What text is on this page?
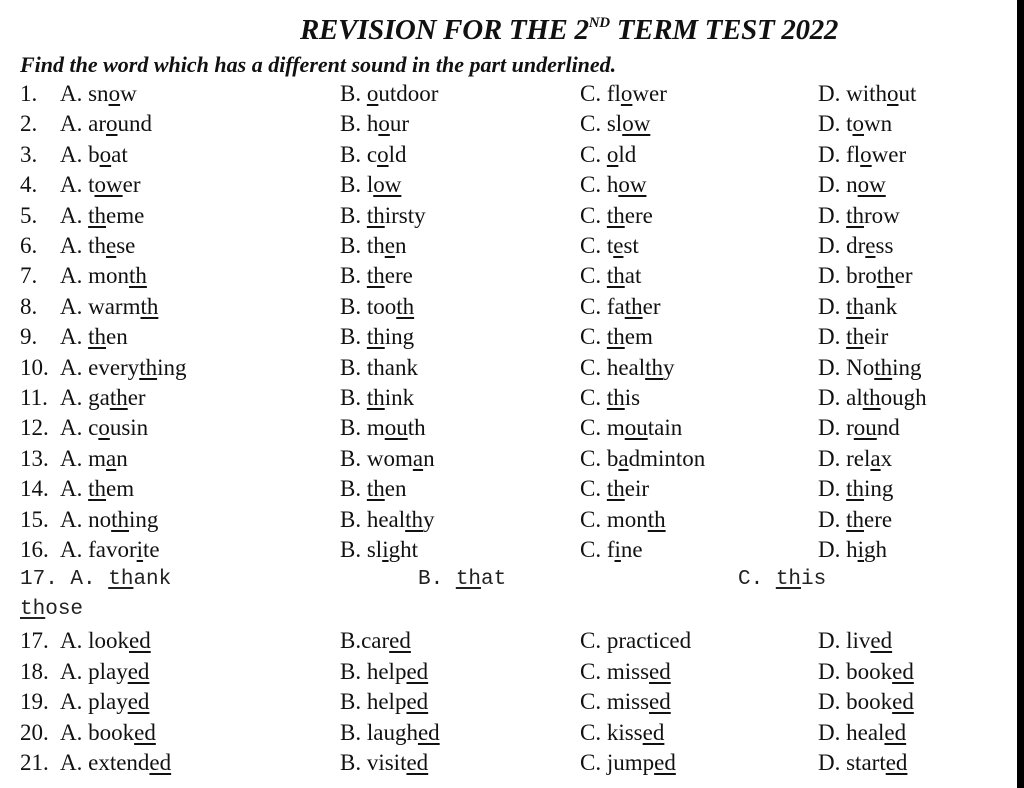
REVISION FOR THE 2ND TERM TEST 2022
Find the word which has a different sound in the part underlined.
1. A. snow	B. outdoor	C. flower	D. without
2. A. around	B. hour	C. slow	D. town
3. A. boat	B. cold	C. old	D. flower
4. A. tower	B. low	C. how	D. now
5. A. theme	B. thirsty	C. there	D. throw
6. A. these	B. then	C. test	D. dress
7. A. month	B. there	C. that	D. brother
8. A. warmth	B. tooth	C. father	D. thank
9. A. then	B. thing	C. them	D. their
10. A. everything	B. thank	C. healthy	D. Nothing
11. A. gather	B. think	C. this	D. although
12. A. cousin	B. mouth	C. moutain	D. round
13. A. man	B. woman	C. badminton	D. relax
14. A. them	B. then	C. their	D. thing
15. A. nothing	B. healthy	C. month	D. there
16. A. favorite	B. slight	C. fine	D. high
17. A. thank	B. that	C. this
those
17. A. looked	B.cared	C. practiced	D. lived
18. A. played	B. helped	C. missed	D. booked
19. A. played	B. helped	C. missed	D. booked
20. A. booked	B. laughed	C. kissed	D. healed
21. A. extended	B. visited	C. jumped	D. started
